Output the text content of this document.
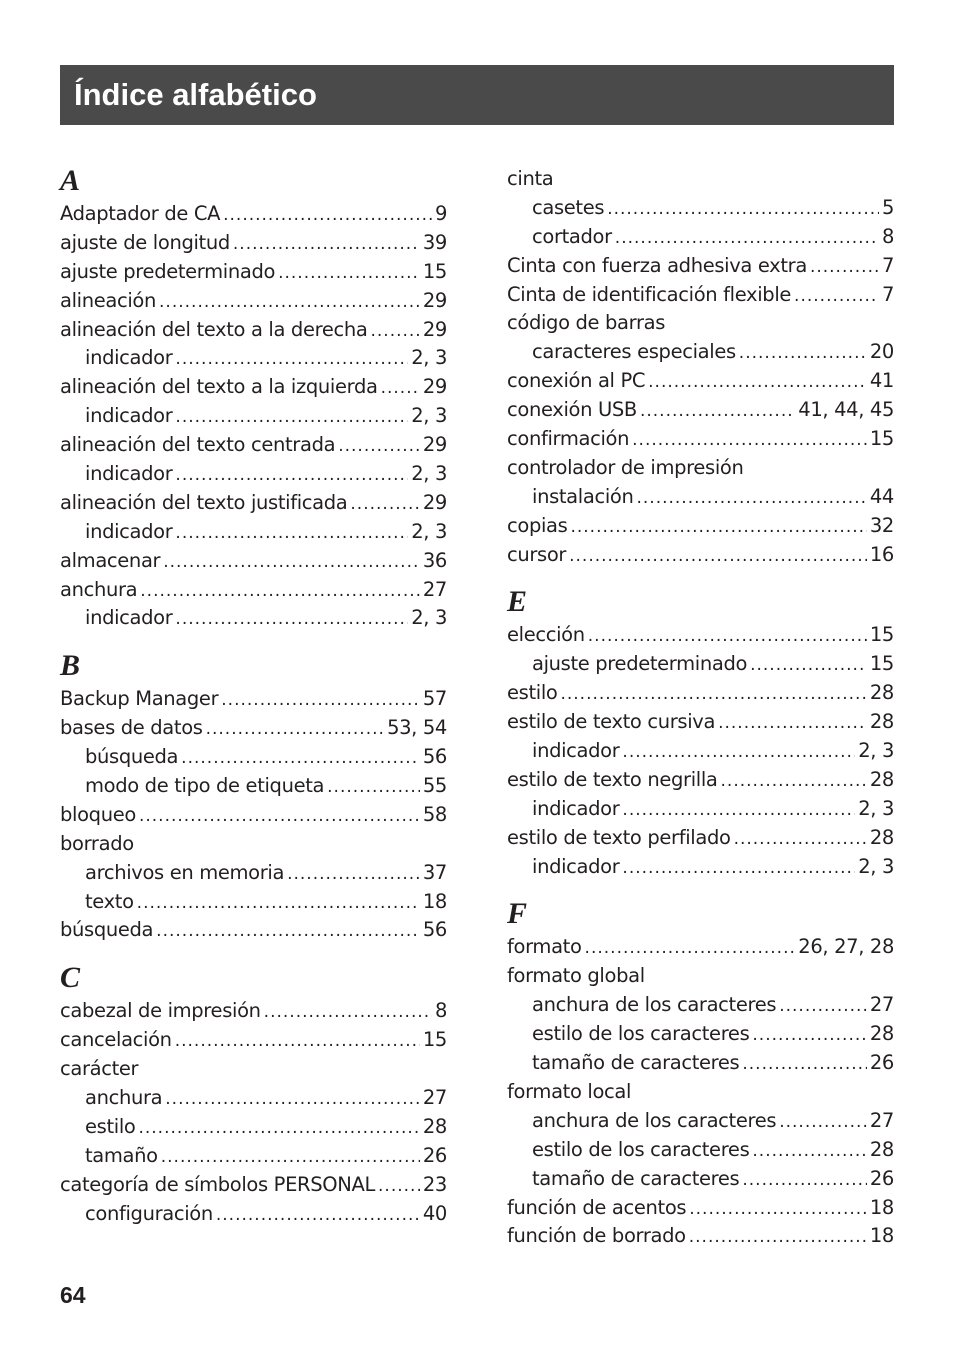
Índice alfabético
A
Adaptador de CA .....	9
ajuste de longitud .....	39
ajuste predeterminado .....	15
alineación .....	29
alineación del texto a la derecha .....	29
indicador .....	2, 3
alineación del texto a la izquierda ..... 29
indicador .....	2, 3
alineación del texto centrada .....	29
indicador .....	2, 3
alineación del texto justificada .....	29
indicador .....	2, 3
almacenar .....	36
anchura .....	27
indicador .....	2, 3
B
Backup Manager .....	57
bases de datos .....	53, 54
búsqueda .....	56
modo de tipo de etiqueta .....	55
bloqueo .....	58
borrado
archivos en memoria .....	37
texto .....	18
búsqueda .....	56
C
cabezal de impresión .....	8
cancelación .....	15
carácter
anchura .....	27
estilo .....	28
tamaño .....	26
categoría de símbolos PERSONAL ..... 23
configuración .....	40
cinta
casetes .....	5
cortador .....	8
Cinta con fuerza adhesiva extra .....	7
Cinta de identificación flexible .....	7
código de barras
caracteres especiales .....	20
conexión al PC .....	41
conexión USB .....	41, 44, 45
confirmación .....	15
controlador de impresión
instalación .....	44
copias .....	32
cursor .....	16
E
elección .....	15
ajuste predeterminado .....	15
estilo .....	28
estilo de texto cursiva .....	28
indicador .....	2, 3
estilo de texto negrilla .....	28
indicador .....	2, 3
estilo de texto perfilado .....	28
indicador .....	2, 3
F
formato .....	26, 27, 28
formato global
anchura de los caracteres .....	27
estilo de los caracteres .....	28
tamaño de caracteres .....	26
formato local
anchura de los caracteres .....	27
estilo de los caracteres .....	28
tamaño de caracteres .....	26
función de acentos .....	18
función de borrado .....	18
64
